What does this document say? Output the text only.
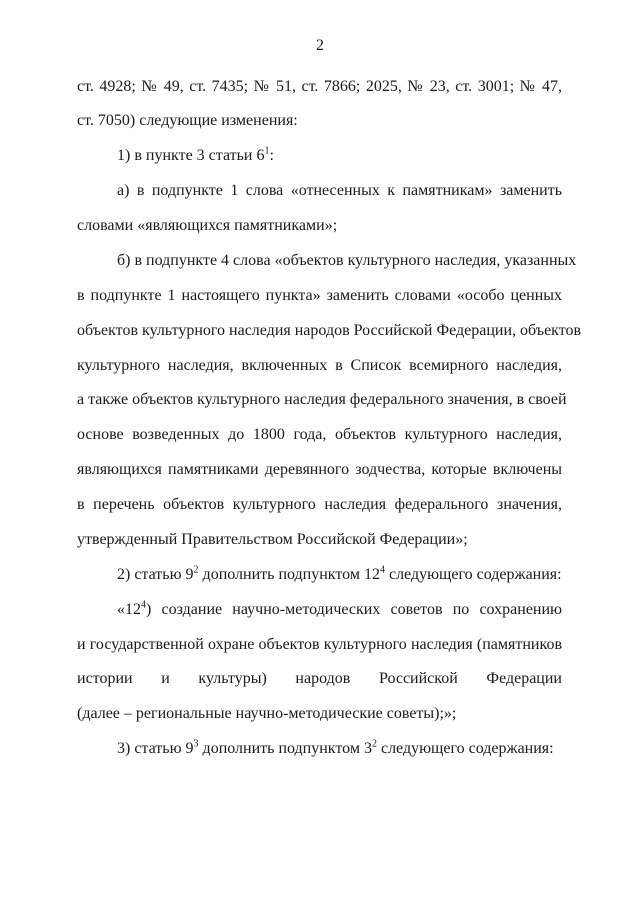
2
ст. 4928; № 49, ст. 7435; № 51, ст. 7866; 2025, № 23, ст. 3001; № 47,
ст. 7050) следующие изменения:
1) в пункте 3 статьи $6^1$:
а) в подпункте 1 слова «отнесенных к памятникам» заменить
словами «являющихся памятниками»;
б) в подпункте 4 слова «объектов культурного наследия, указанных
в подпункте 1 настоящего пункта» заменить словами «особо ценных
объектов культурного наследия народов Российской Федерации, объектов
культурного наследия, включенных в Список всемирного наследия,
а также объектов культурного наследия федерального значения, в своей
основе возведенных до 1800 года, объектов культурного наследия,
являющихся памятниками деревянного зодчества, которые включены
в перечень объектов культурного наследия федерального значения,
утвержденный Правительством Российской Федерации»;
2) статью $9^2$ дополнить подпунктом $12^4$ следующего содержания:
«$12^4$) создание научно-методических советов по сохранению
и государственной охране объектов культурного наследия (памятников
истории и культуры) народов Российской Федерации
(далее – региональные научно-методические советы);»;
3) статью $9^3$ дополнить подпунктом $3^2$ следующего содержания:
